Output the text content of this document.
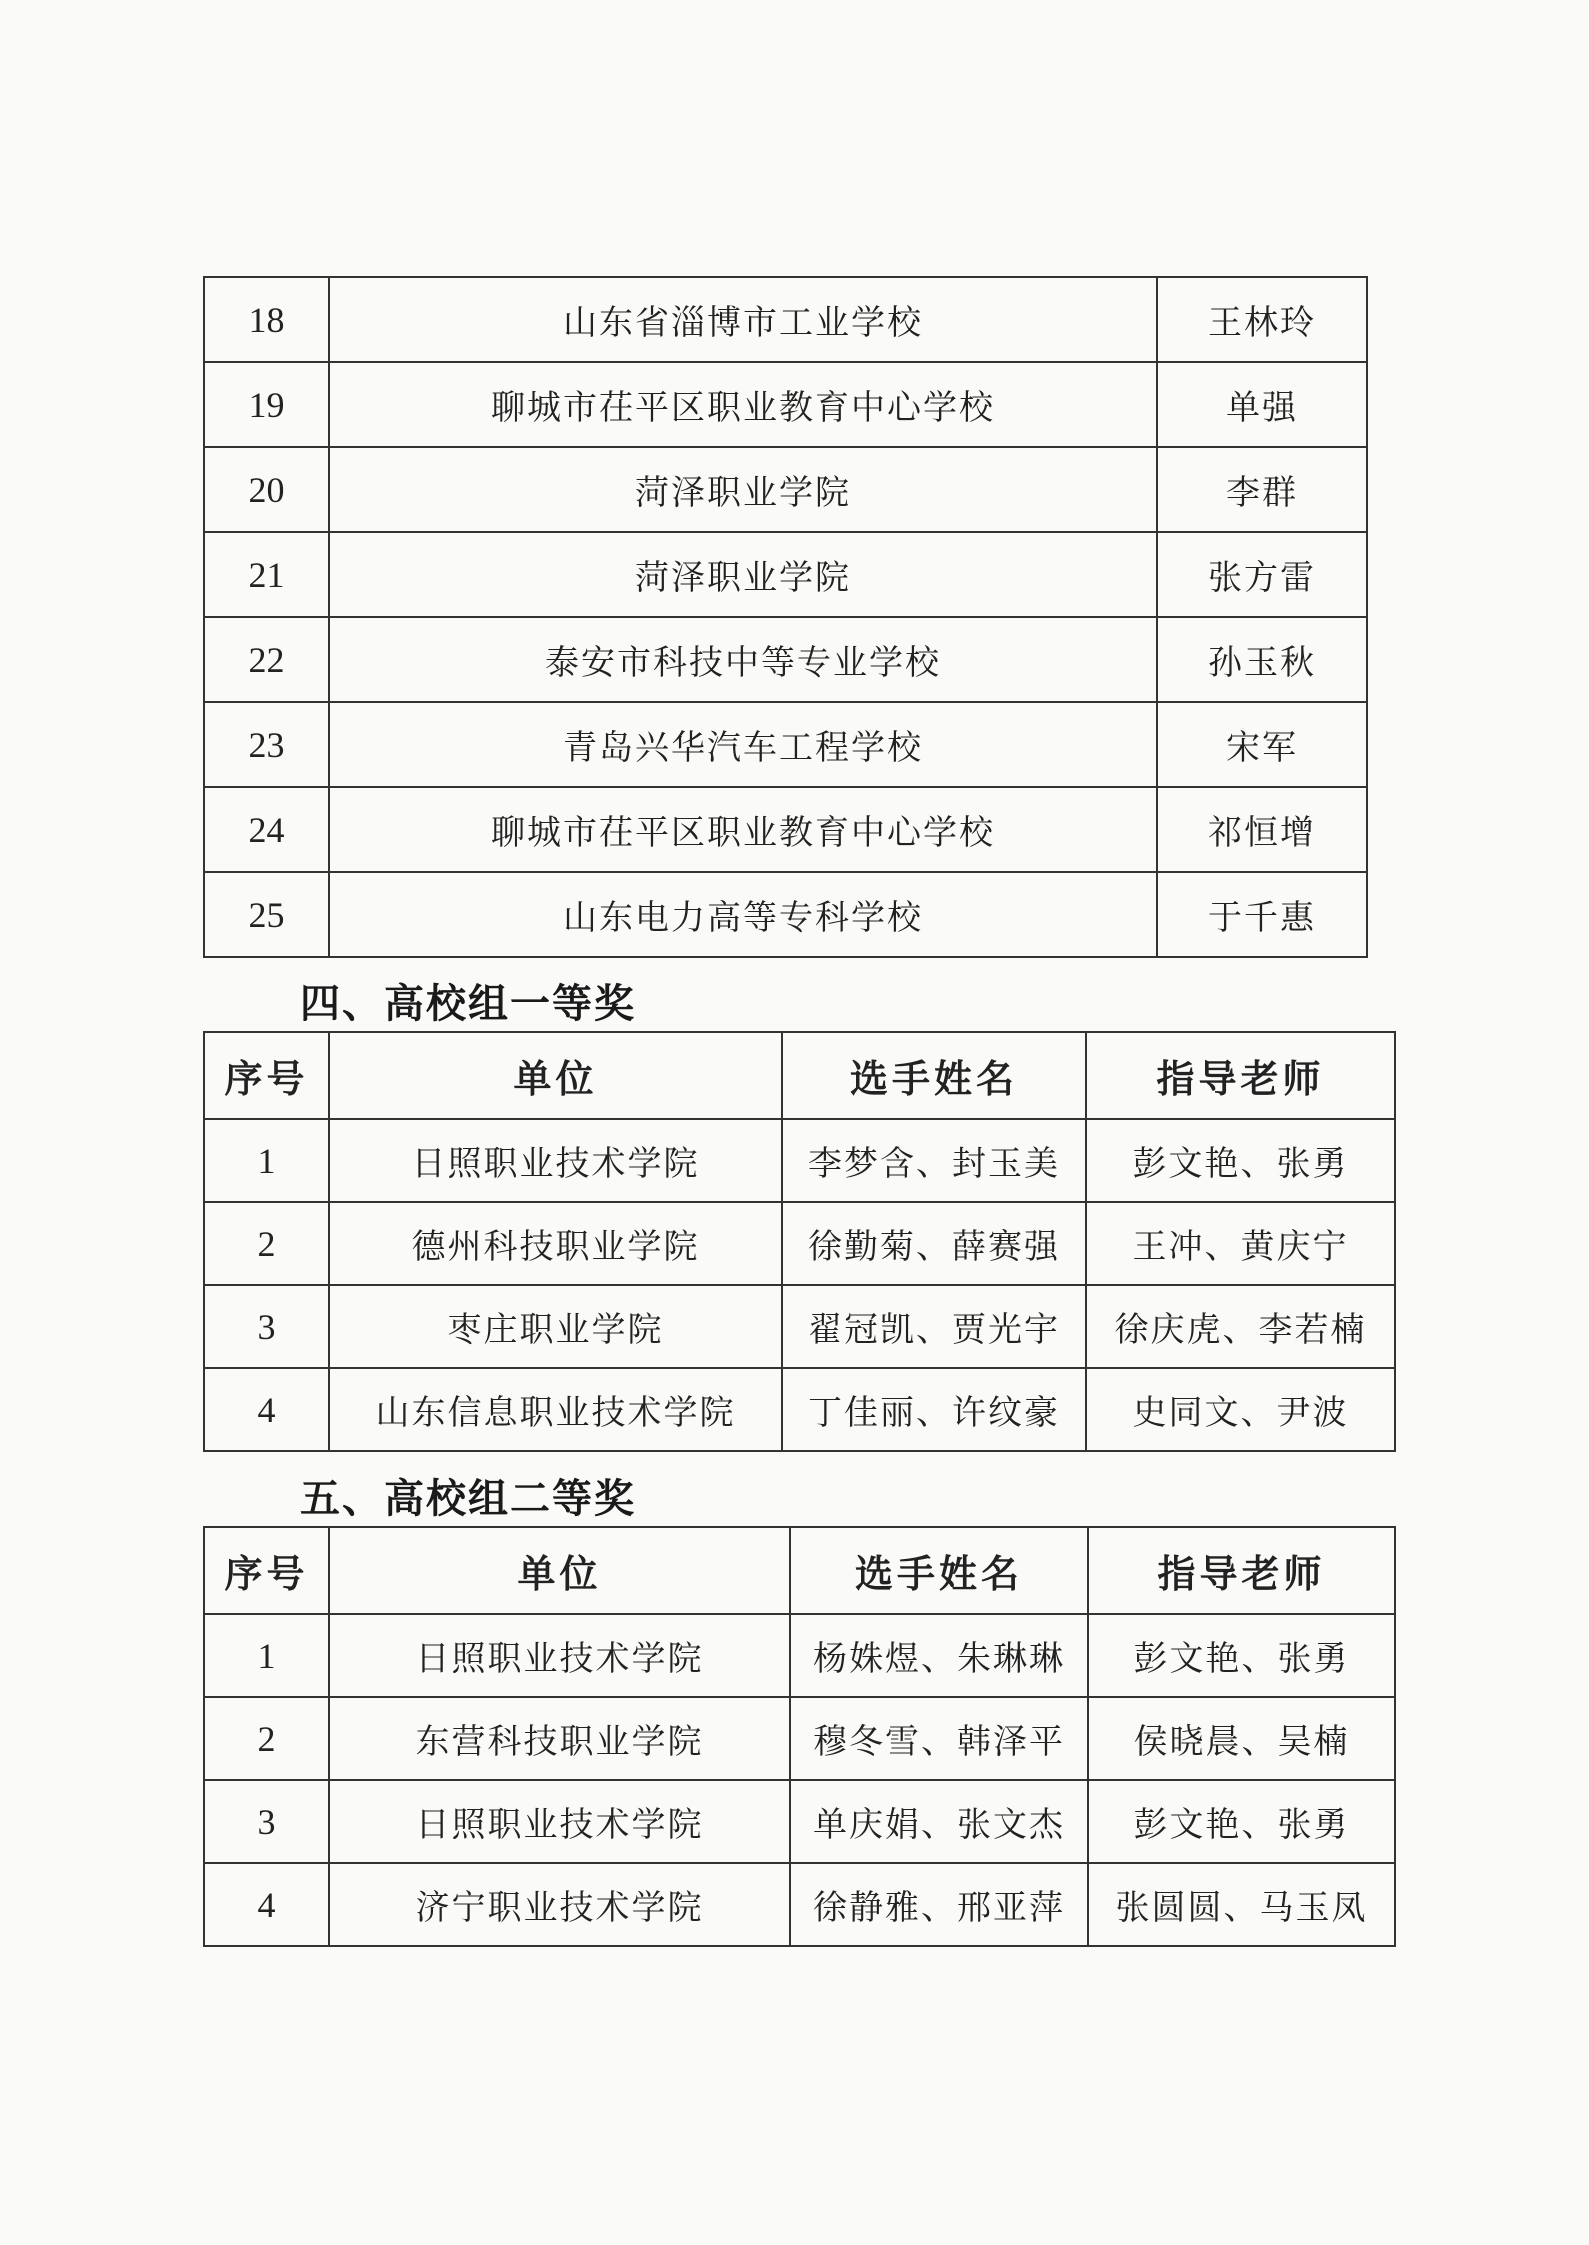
18	山东省淄博市工业学校	王林玲
19	聊城市茌平区职业教育中心学校	单强
20	菏泽职业学院	李群
21	菏泽职业学院	张方雷
22	泰安市科技中等专业学校	孙玉秋
23	青岛兴华汽车工程学校	宋军
24	聊城市茌平区职业教育中心学校	祁恒增
25	山东电力高等专科学校	于千惠
四、高校组一等奖
序号	单位	选手姓名	指导老师
1	日照职业技术学院	李梦含、封玉美	彭文艳、张勇
2	德州科技职业学院	徐勤菊、薛赛强	王冲、黄庆宁
3	枣庄职业学院	翟冠凯、贾光宇	徐庆虎、李若楠
4	山东信息职业技术学院	丁佳丽、许纹豪	史同文、尹波
五、高校组二等奖
序号	单位	选手姓名	指导老师
1	日照职业技术学院	杨姝煜、朱琳琳	彭文艳、张勇
2	东营科技职业学院	穆冬雪、韩泽平	侯晓晨、吴楠
3	日照职业技术学院	单庆娟、张文杰	彭文艳、张勇
4	济宁职业技术学院	徐静雅、邢亚萍	张圆圆、马玉凤
